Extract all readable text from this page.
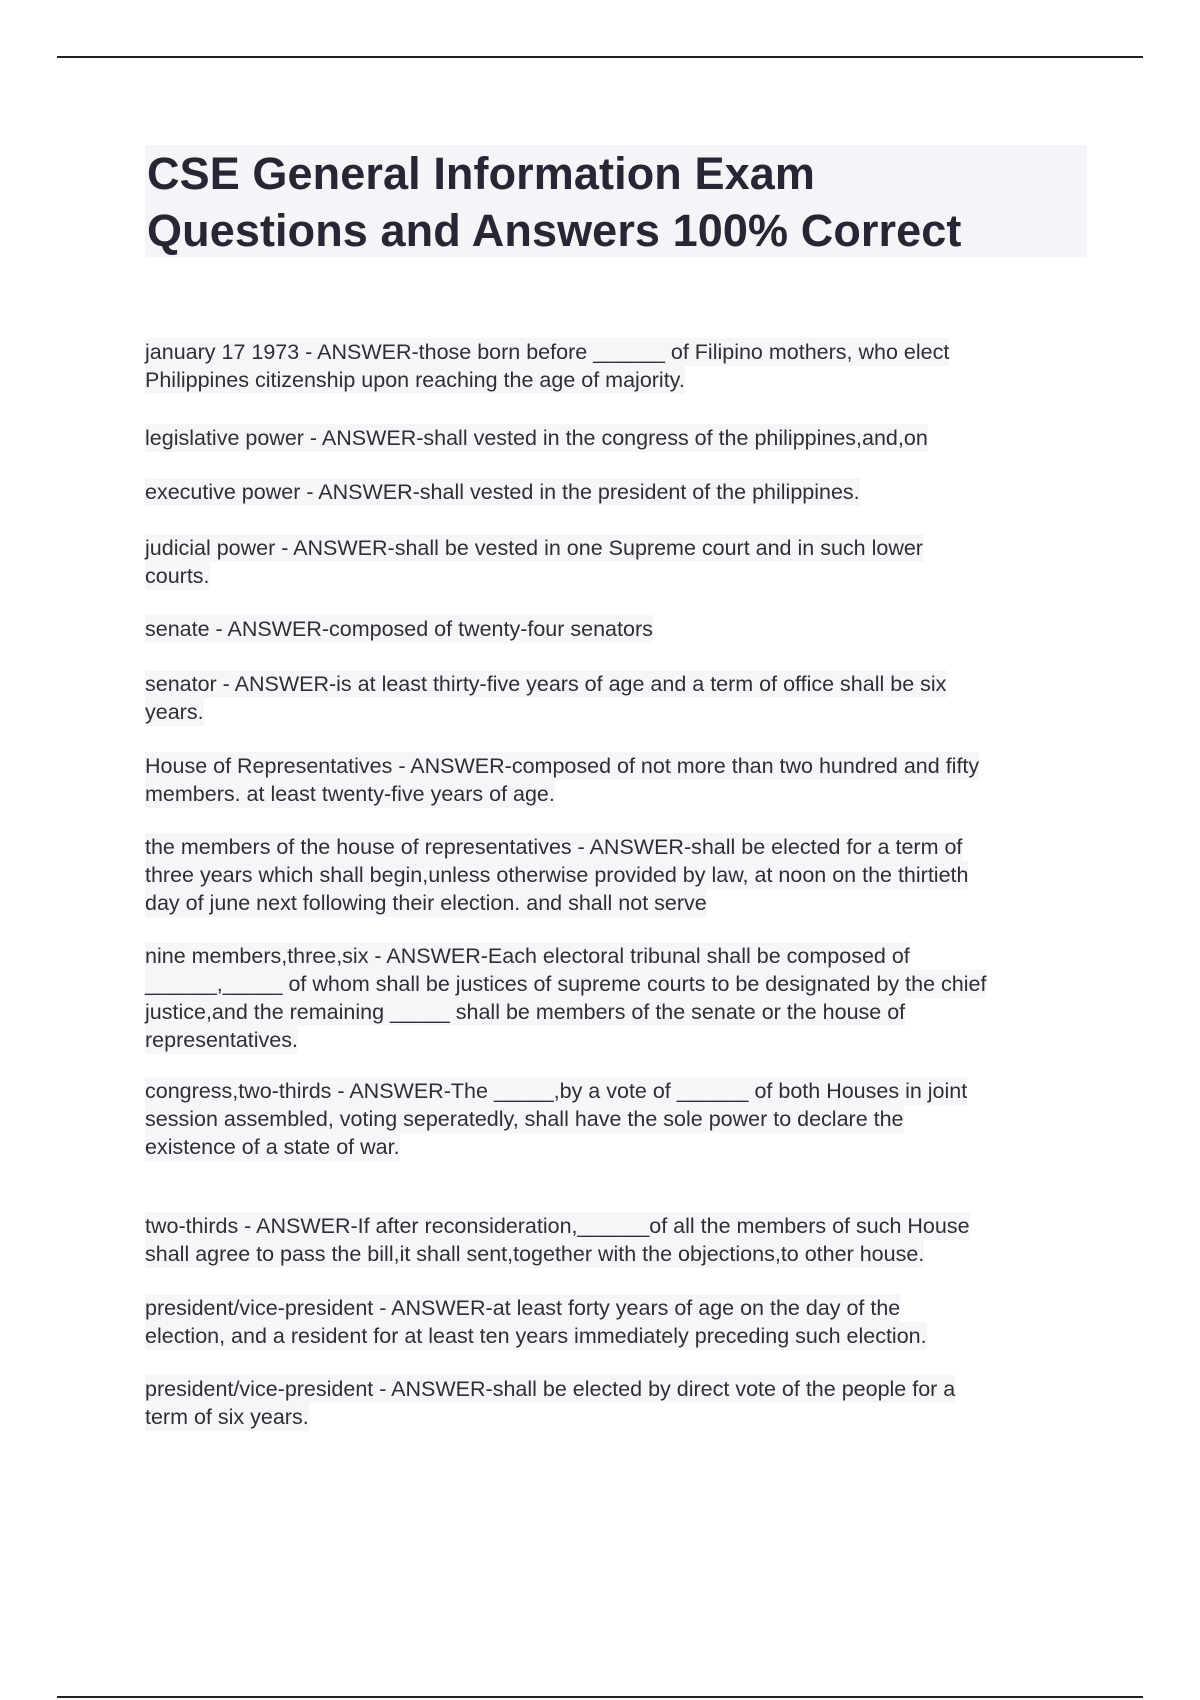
CSE General Information Exam
Questions and Answers 100% Correct

january 17 1973 - ANSWER-those born before ______ of Filipino mothers, who elect
Philippines citizenship upon reaching the age of majority.

legislative power - ANSWER-shall vested in the congress of the philippines,and,on

executive power - ANSWER-shall vested in the president of the philippines.

judicial power - ANSWER-shall be vested in one Supreme court and in such lower
courts.

senate - ANSWER-composed of twenty-four senators

senator - ANSWER-is at least thirty-five years of age and a term of office shall be six
years.

House of Representatives - ANSWER-composed of not more than two hundred and fifty
members. at least twenty-five years of age.

the members of the house of representatives - ANSWER-shall be elected for a term of
three years which shall begin,unless otherwise provided by law, at noon on the thirtieth
day of june next following their election. and shall not serve

nine members,three,six - ANSWER-Each electoral tribunal shall be composed of
______,_____ of whom shall be justices of supreme courts to be designated by the chief
justice,and the remaining _____ shall be members of the senate or the house of
representatives.

congress,two-thirds - ANSWER-The _____,by a vote of ______ of both Houses in joint
session assembled, voting seperatedly, shall have the sole power to declare the
existence of a state of war.

two-thirds - ANSWER-If after reconsideration,______of all the members of such House
shall agree to pass the bill,it shall sent,together with the objections,to other house.

president/vice-president - ANSWER-at least forty years of age on the day of the
election, and a resident for at least ten years immediately preceding such election.

president/vice-president - ANSWER-shall be elected by direct vote of the people for a
term of six years.
